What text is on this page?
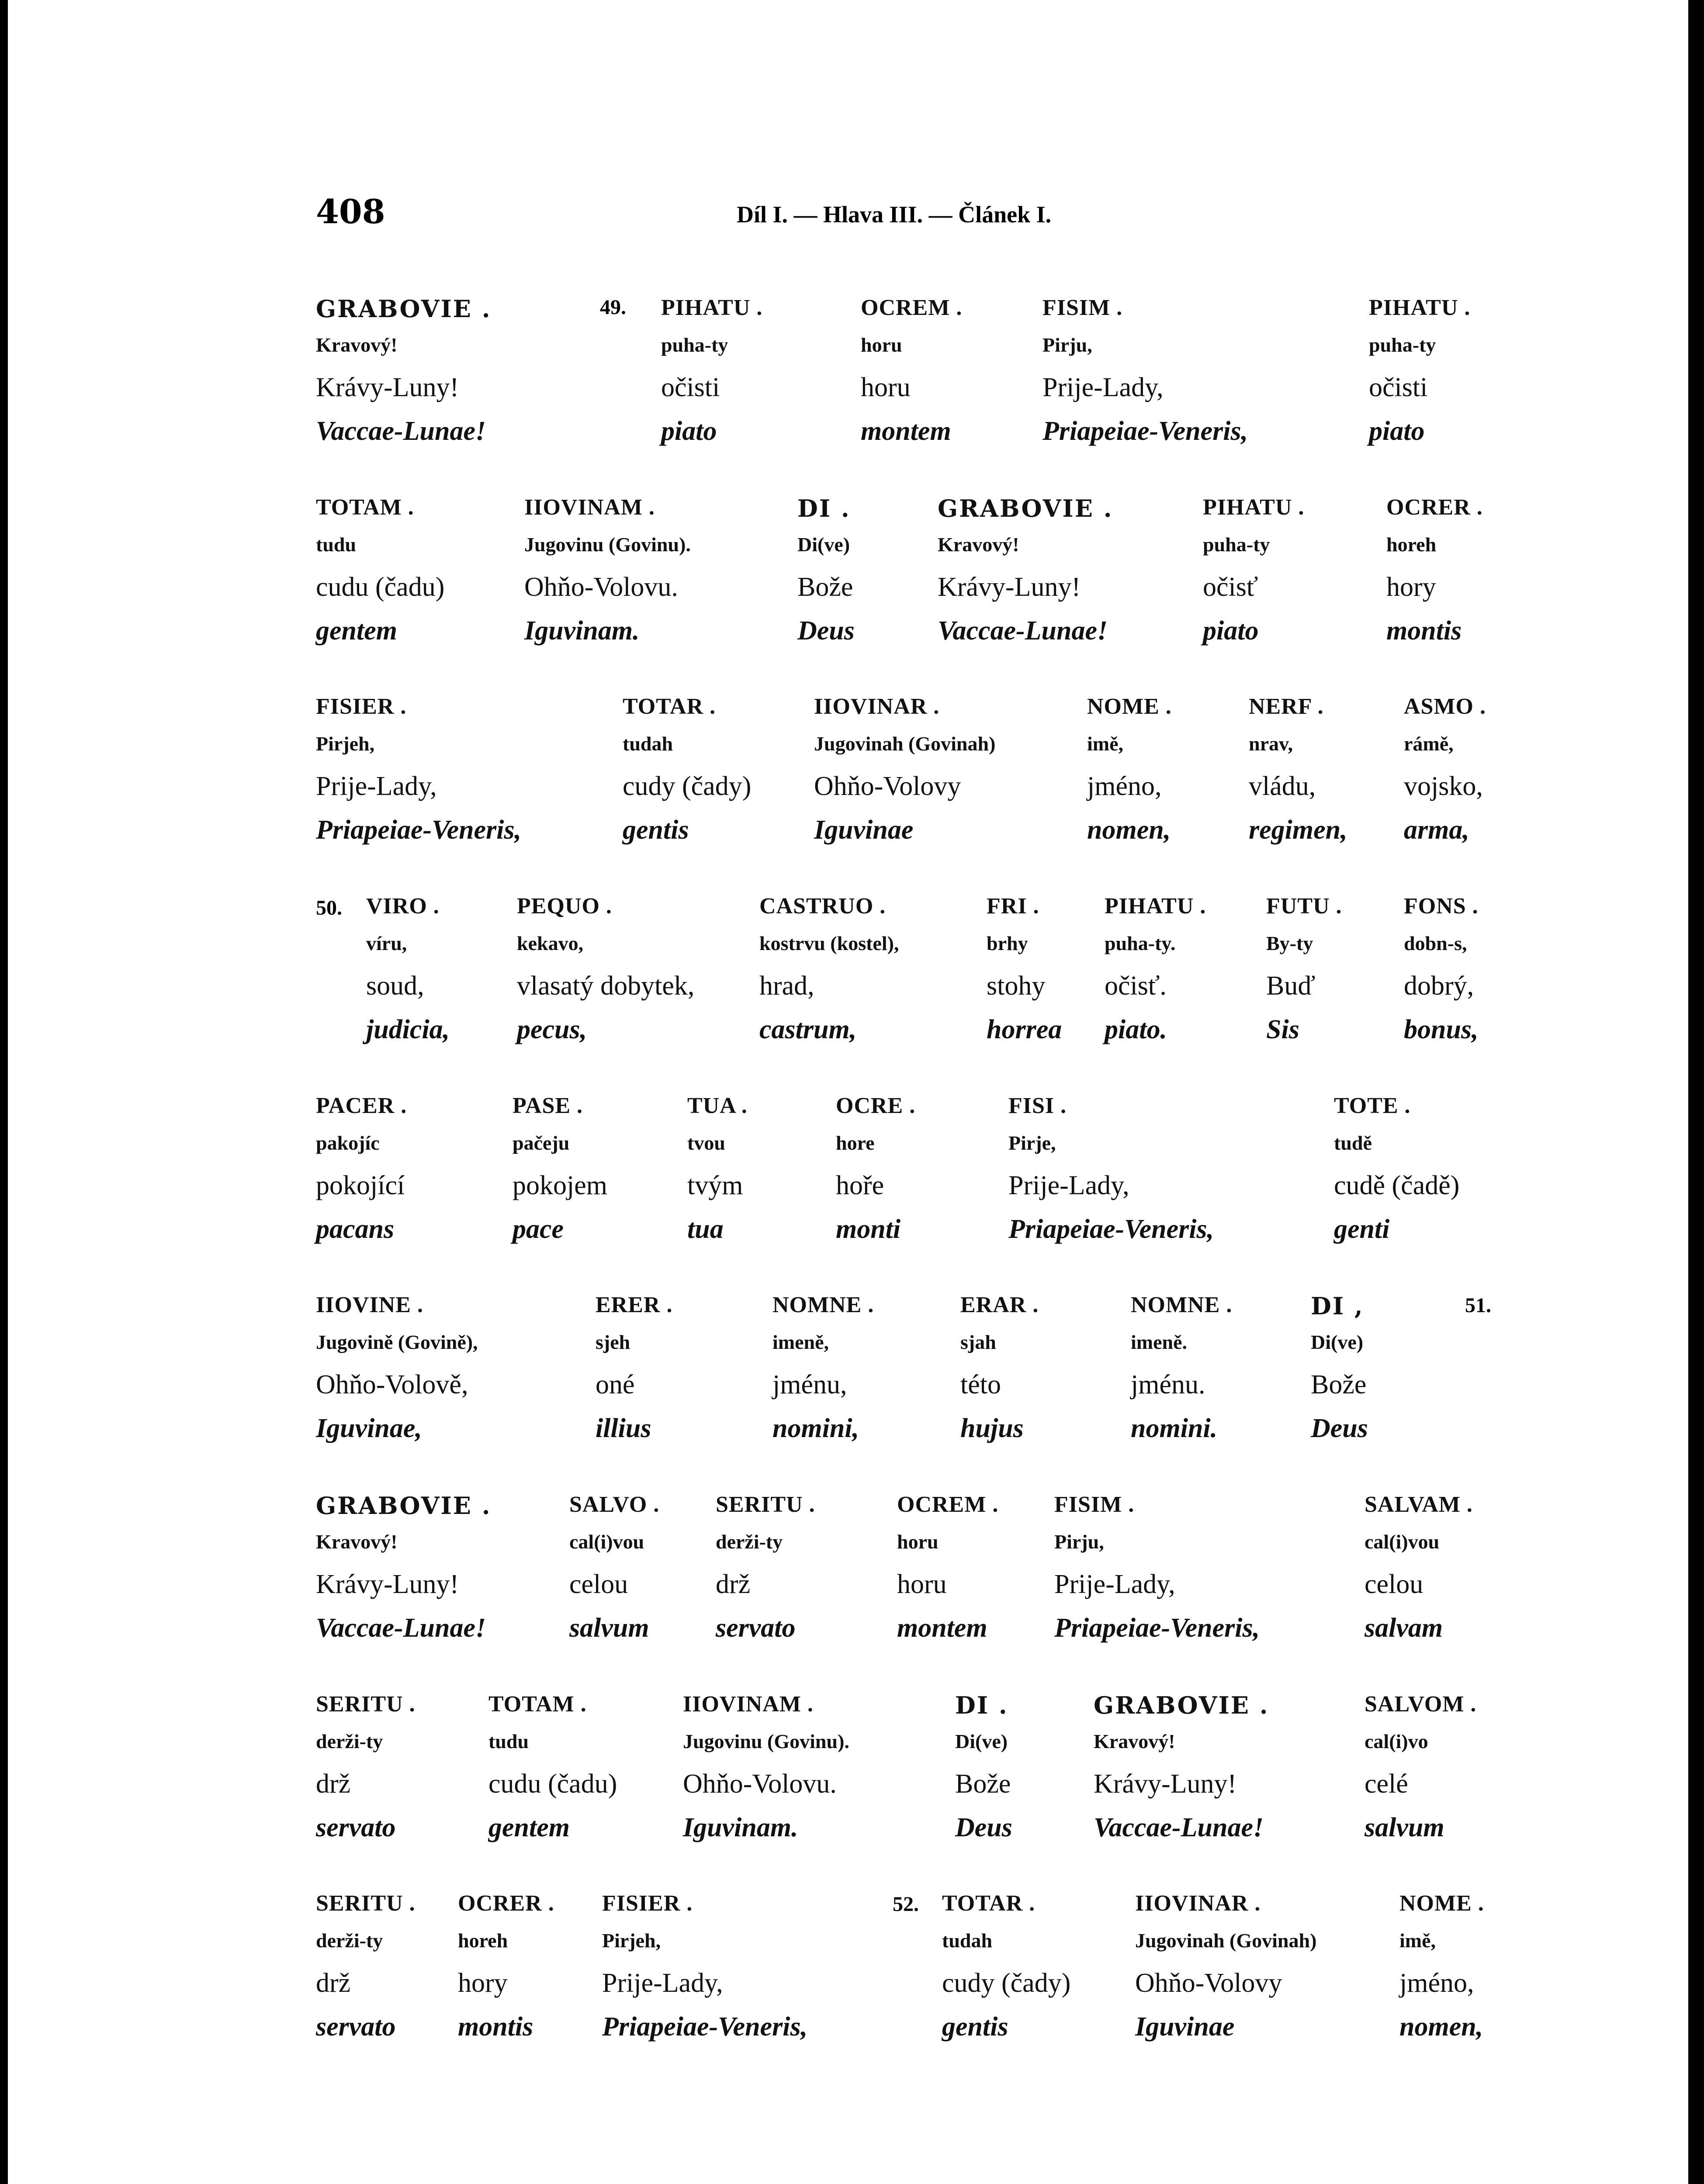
408	Díl I. — Hlava III. — Článek I.
49.
50.
51.
52.
GRABOVIE .
Kravový!
Krávy-Luny!
Vaccae-Lunae!
PIHATU .
puha-ty
očisti
piato
OCREM .
horu
horu
montem
FISIM .
Pirju,
Prije-Lady,
Priapeiae-Veneris,
PIHATU .
puha-ty
očisti
piato
TOTAM .
tudu
cudu (čadu)
gentem
IIOVINAM .
Jugovinu (Govinu).
Ohňo-Volovu.
Iguvinam.
DI .
Di(ve)
Bože
Deus
GRABOVIE .
Kravový!
Krávy-Luny!
Vaccae-Lunae!
PIHATU .
puha-ty
očisť
piato
OCRER .
horeh
hory
montis
FISIER .
Pirjeh,
Prije-Lady,
Priapeiae-Veneris,
TOTAR .
tudah
cudy (čady)
gentis
IIOVINAR .
Jugovinah (Govinah)
Ohňo-Volovy
Iguvinae
NOME .
imě,
jméno,
nomen,
NERF .
nrav,
vládu,
regimen,
ASMO .
rámě,
vojsko,
arma,
VIRO .
víru,
soud,
judicia,
PEQUO .
kekavo,
vlasatý dobytek,
pecus,
CASTRUO .
kostrvu (kostel),
hrad,
castrum,
FRI .
brhy
stohy
horrea
PIHATU .
puha-ty.
očisť.
piato.
FUTU .
By-ty
Buď
Sis
FONS .
dobn-s,
dobrý,
bonus,
PACER .
pakojíc
pokojící
pacans
PASE .
pačeju
pokojem
pace
TUA .
tvou
tvým
tua
OCRE .
hore
hoře
monti
FISI .
Pirje,
Prije-Lady,
Priapeiae-Veneris,
TOTE .
tudě
cudě (čadě)
genti
IIOVINE .
Jugovině (Govině),
Ohňo-Volově,
Iguvinae,
ERER .
sjeh
oné
illius
NOMNE .
imeně,
jménu,
nomini,
ERAR .
sjah
této
hujus
NOMNE .
imeně.
jménu.
nomini.
DI ,
Di(ve)
Bože
Deus
GRABOVIE .
Kravový!
Krávy-Luny!
Vaccae-Lunae!
SALVO .
cal(i)vou
celou
salvum
SERITU .
derži-ty
drž
servato
OCREM .
horu
horu
montem
FISIM .
Pirju,
Prije-Lady,
Priapeiae-Veneris,
SALVAM .
cal(i)vou
celou
salvam
SERITU .
derži-ty
drž
servato
TOTAM .
tudu
cudu (čadu)
gentem
IIOVINAM .
Jugovinu (Govinu).
Ohňo-Volovu.
Iguvinam.
DI .
Di(ve)
Bože
Deus
GRABOVIE .
Kravový!
Krávy-Luny!
Vaccae-Lunae!
SALVOM .
cal(i)vo
celé
salvum
SERITU .
derži-ty
drž
servato
OCRER .
horeh
hory
montis
FISIER .
Pirjeh,
Prije-Lady,
Priapeiae-Veneris,
TOTAR .
tudah
cudy (čady)
gentis
IIOVINAR .
Jugovinah (Govinah)
Ohňo-Volovy
Iguvinae
NOME .
imě,
jméno,
nomen,
